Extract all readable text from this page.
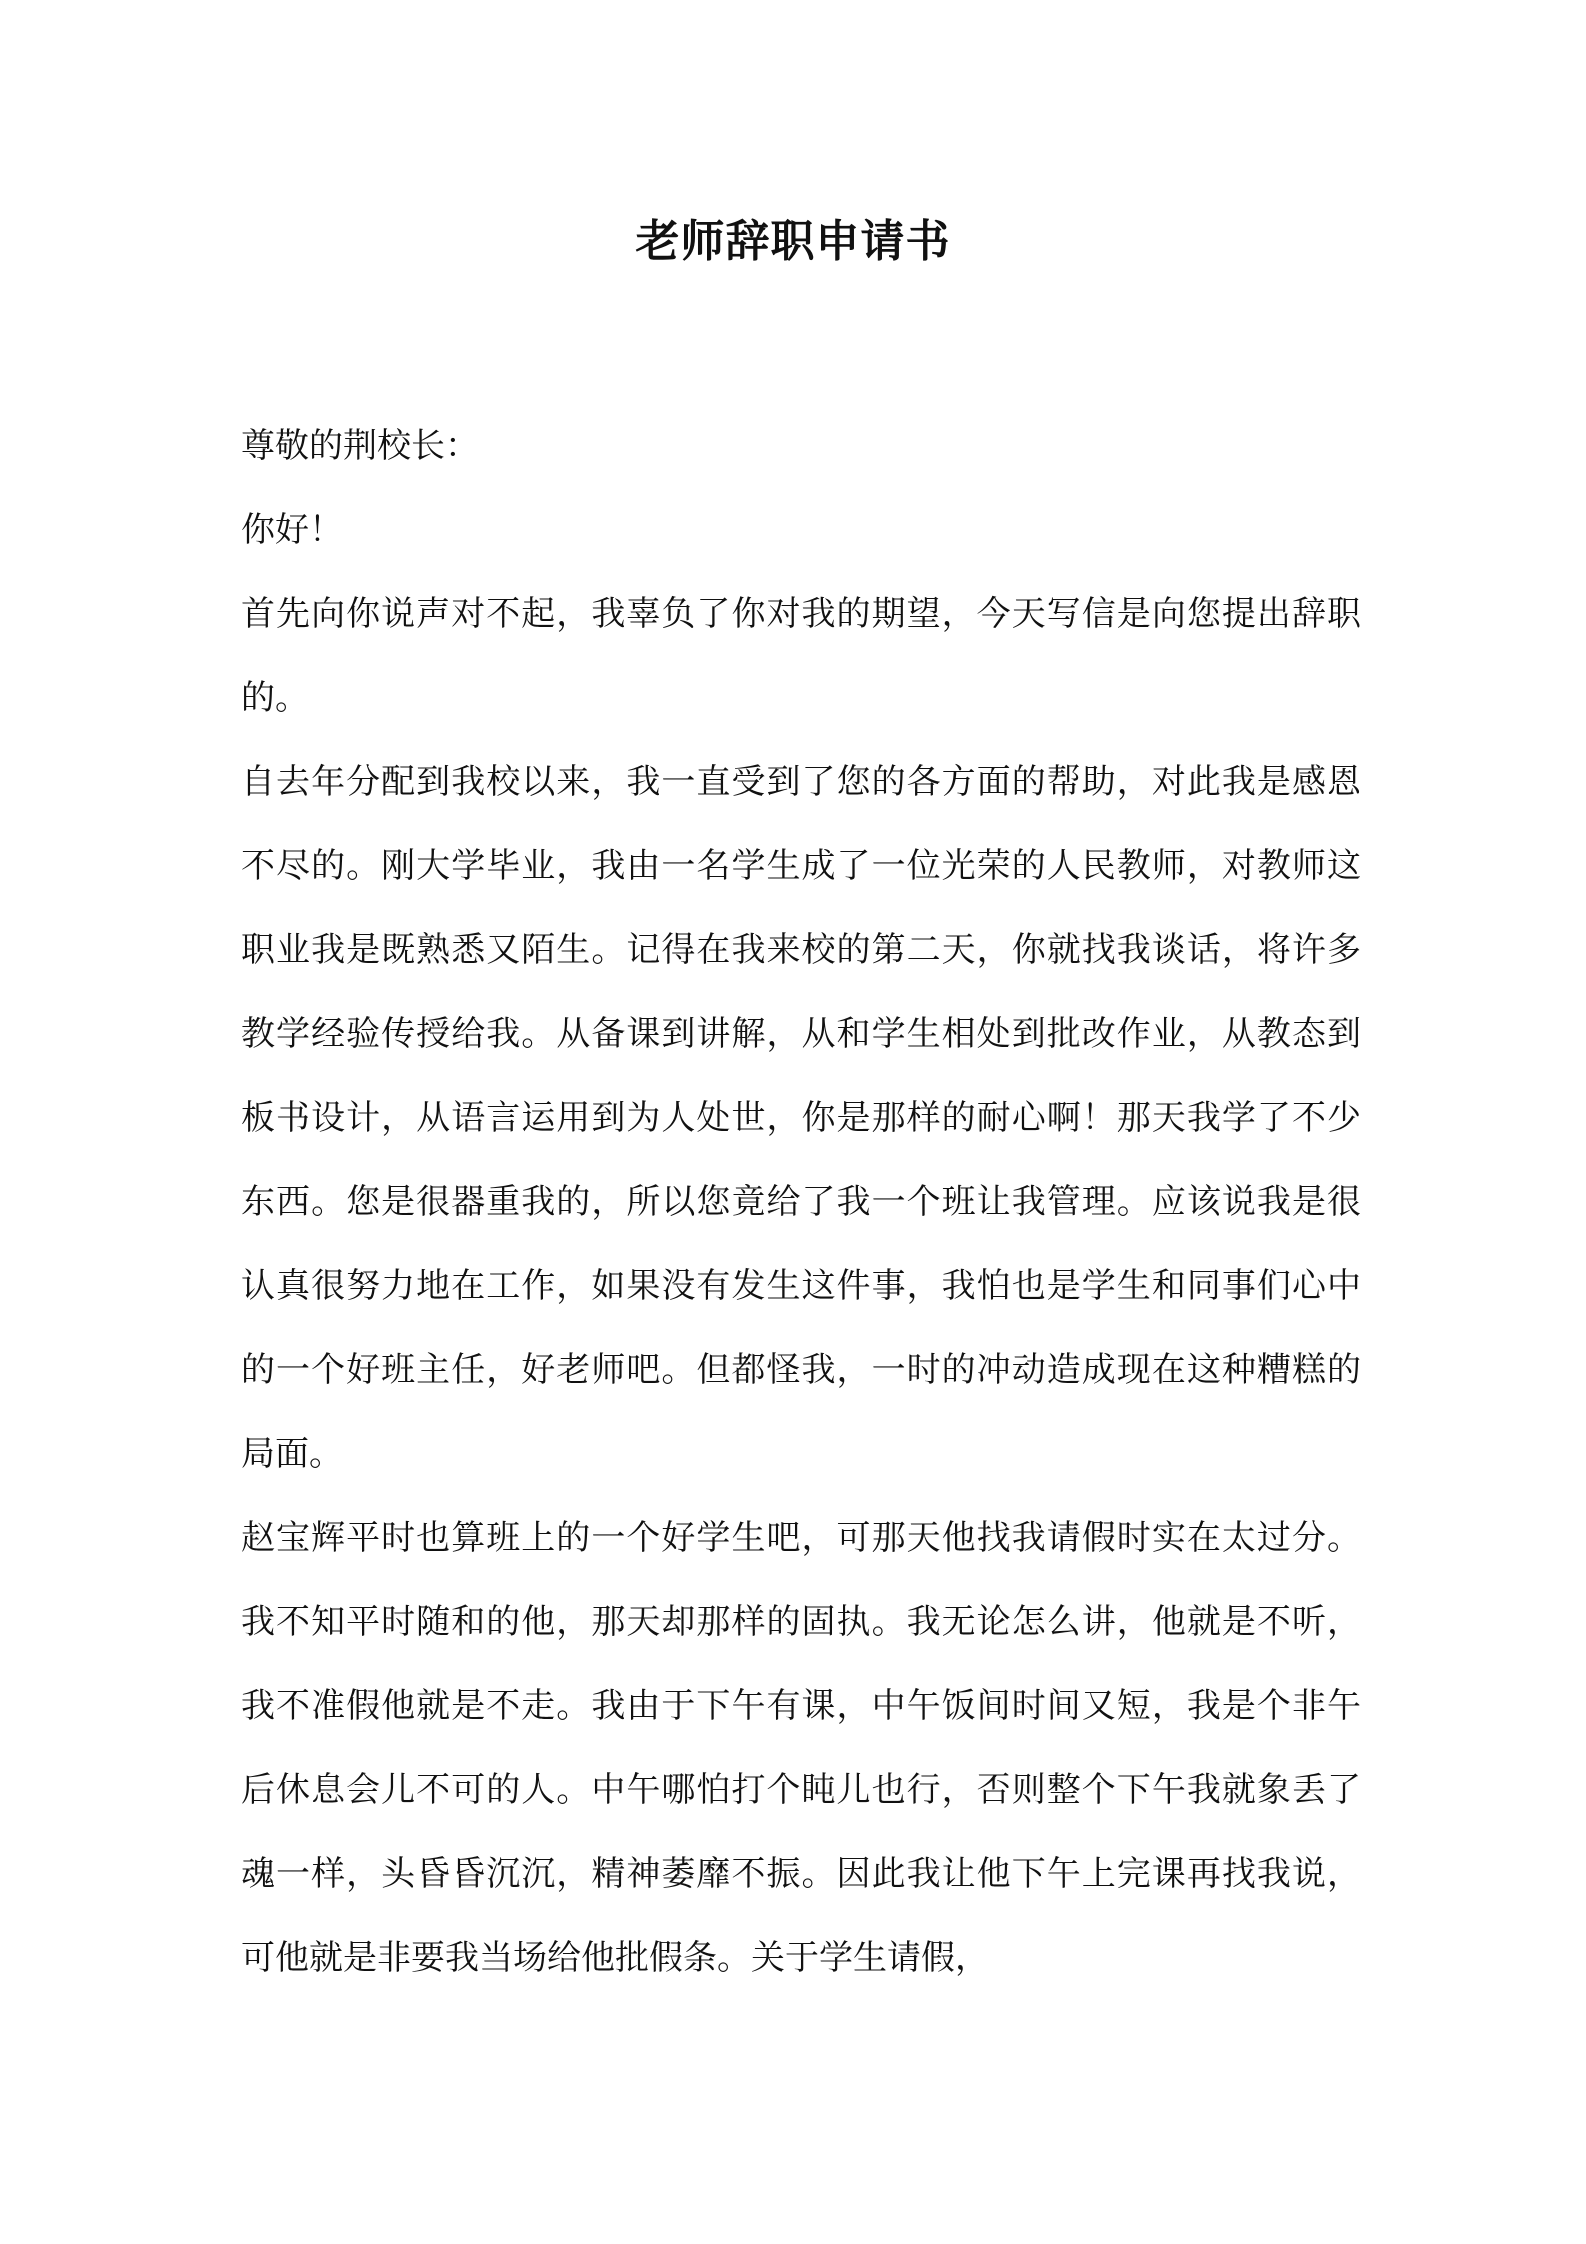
老师辞职申请书

尊敬的荆校长：

你好！

首先向你说声对不起，我辜负了你对我的期望，今天写信是向您提出辞职的。

自去年分配到我校以来，我一直受到了您的各方面的帮助，对此我是感恩不尽的。刚大学毕业，我由一名学生成了一位光荣的人民教师，对教师这职业我是既熟悉又陌生。记得在我来校的第二天，你就找我谈话，将许多教学经验传授给我。从备课到讲解，从和学生相处到批改作业，从教态到板书设计，从语言运用到为人处世，你是那样的耐心啊！那天我学了不少东西。您是很器重我的，所以您竟给了我一个班让我管理。应该说我是很认真很努力地在工作，如果没有发生这件事，我怕也是学生和同事们心中的一个好班主任，好老师吧。但都怪我，一时的冲动造成现在这种糟糕的局面。

赵宝辉平时也算班上的一个好学生吧，可那天他找我请假时实在太过分。我不知平时随和的他，那天却那样的固执。我无论怎么讲，他就是不听，我不准假他就是不走。我由于下午有课，中午饭间时间又短，我是个非午后休息会儿不可的人。中午哪怕打个盹儿也行，否则整个下午我就象丢了魂一样，头昏昏沉沉，精神萎靡不振。因此我让他下午上完课再找我说，可他就是非要我当场给他批假条。关于学生请假，
